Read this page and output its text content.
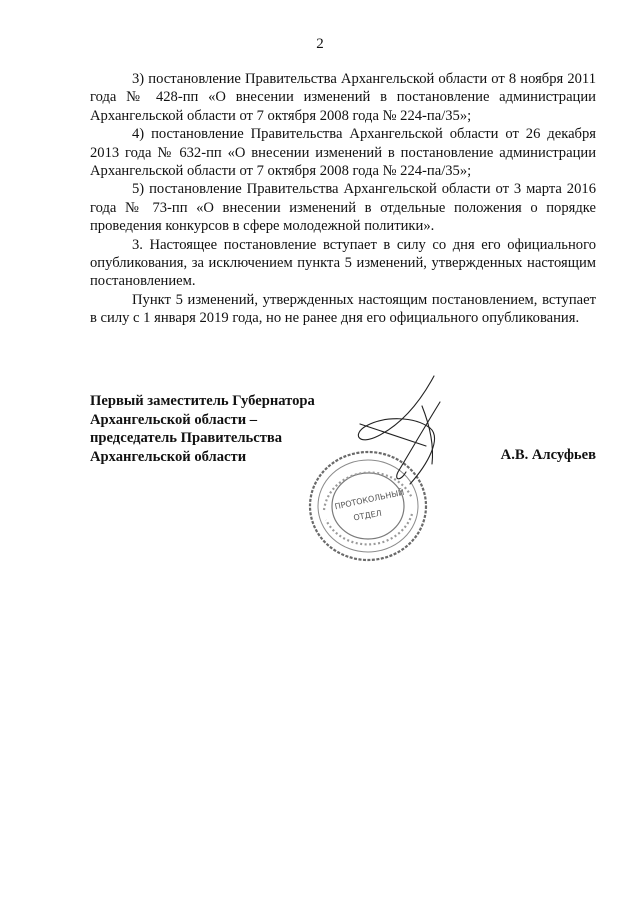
2

3) постановление Правительства Архангельской области от 8 ноября 2011 года № 428-пп «О внесении изменений в постановление администрации Архангельской области от 7 октября 2008 года № 224-па/35»;

4) постановление Правительства Архангельской области от 26 декабря 2013 года № 632-пп «О внесении изменений в постановление администрации Архангельской области от 7 октября 2008 года № 224-па/35»;

5) постановление Правительства Архангельской области от 3 марта 2016 года № 73-пп «О внесении изменений в отдельные положения о порядке проведения конкурсов в сфере молодежной политики».

3. Настоящее постановление вступает в силу со дня его официального опубликования, за исключением пункта 5 изменений, утвержденных настоящим постановлением.

Пункт 5 изменений, утвержденных настоящим постановлением, вступает в силу с 1 января 2019 года, но не ранее дня его официального опубликования.

Первый заместитель Губернатора
Архангельской области –
председатель Правительства
Архангельской области	А.В. Алсуфьев
ПРОТОКОЛЬНЫЙ
ОТДЕЛ
